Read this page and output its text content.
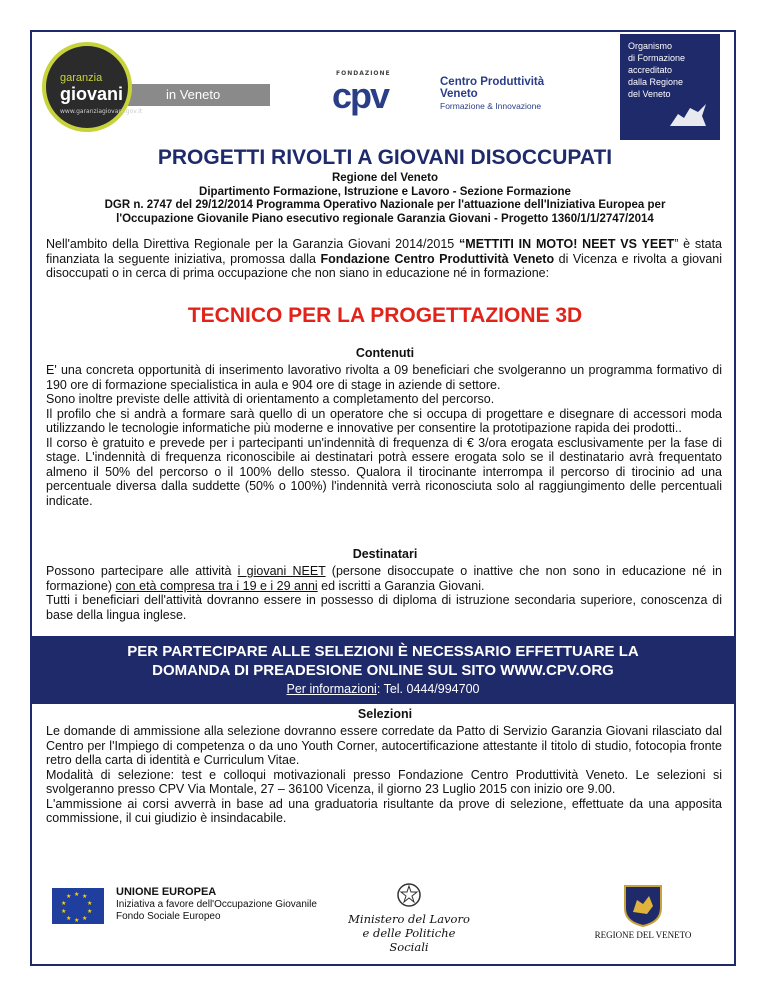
in Veneto
garanzia
giovani
www.garanziagiovani.gov.it
FONDAZIONE
cpv	Centro Produttività
Veneto
Formazione & Innovazione
Organismo
di Formazione
accreditato
dalla Regione
del Veneto
PROGETTI RIVOLTI A GIOVANI DISOCCUPATI
Regione del Veneto
Dipartimento Formazione, Istruzione e Lavoro - Sezione Formazione
DGR n. 2747 del 29/12/2014 Programma Operativo Nazionale per l'attuazione dell'Iniziativa Europea per
l'Occupazione Giovanile Piano esecutivo regionale Garanzia Giovani - Progetto 1360/1/1/2747/2014
Nell'ambito della Direttiva Regionale per la Garanzia Giovani 2014/2015 “METTITI IN MOTO! NEET VS YEET” è stata finanziata la seguente iniziativa, promossa dalla Fondazione Centro Produttività Veneto di Vicenza e rivolta a giovani disoccupati o in cerca di prima occupazione che non siano in educazione né in formazione:
TECNICO PER LA PROGETTAZIONE 3D
Contenuti
E' una concreta opportunità di inserimento lavorativo rivolta a 09 beneficiari che svolgeranno un programma formativo di 190 ore di formazione specialistica in aula e 904 ore di stage in aziende di settore.
Sono inoltre previste delle attività di orientamento a completamento del percorso.
Il profilo che si andrà a formare sarà quello di un operatore che si occupa di progettare e disegnare di accessori moda utilizzando le tecnologie informatiche più moderne e innovative per consentire la prototipazione rapida dei prodotti..
Il corso è gratuito e prevede per i partecipanti un'indennità di frequenza di € 3/ora erogata esclusivamente per la fase di stage. L'indennità di frequenza riconoscibile ai destinatari potrà essere erogata solo se il destinatario avrà frequentato almeno il 50% del percorso o il 100% dello stesso. Qualora il tirocinante interrompa il percorso di tirocinio ad una percentuale diversa dalla suddette (50% o 100%) l'indennità verrà riconosciuta solo al raggiungimento delle percentuali indicate.
Destinatari
Possono partecipare alle attività i giovani NEET (persone disoccupate o inattive che non sono in educazione né in formazione) con età compresa tra i 19 e i 29 anni ed iscritti a Garanzia Giovani.
Tutti i beneficiari dell'attività dovranno essere in possesso di diploma di istruzione secondaria superiore, conoscenza di base della lingua inglese.
PER PARTECIPARE ALLE SELEZIONI È NECESSARIO EFFETTUARE LA
DOMANDA DI PREADESIONE ONLINE SUL SITO WWW.CPV.ORG
Per informazioni: Tel. 0444/994700
Selezioni
Le domande di ammissione alla selezione dovranno essere corredate da Patto di Servizio Garanzia Giovani rilasciato dal Centro per l'Impiego di competenza o da uno Youth Corner, autocertificazione attestante il titolo di studio, fotocopia fronte retro della carta di identità e Curriculum Vitae.
Modalità di selezione: test e colloqui motivazionali presso Fondazione Centro Produttività Veneto. Le selezioni si svolgeranno presso CPV Via Montale, 27 – 36100 Vicenza, il giorno 23 Luglio 2015 con inizio ore 9.00.
L'ammissione ai corsi avverrà in base ad una graduatoria risultante da prove di selezione, effettuate da una apposita commissione, il cui giudizio è insindacabile.
★ ★
★
★
★
★
★
★
★
★	UNIONE EUROPEA
Iniziativa a favore dell'Occupazione Giovanile
Fondo Sociale Europeo	Ministero del Lavoro
e delle Politiche Sociali
REGIONE DEL VENETO
